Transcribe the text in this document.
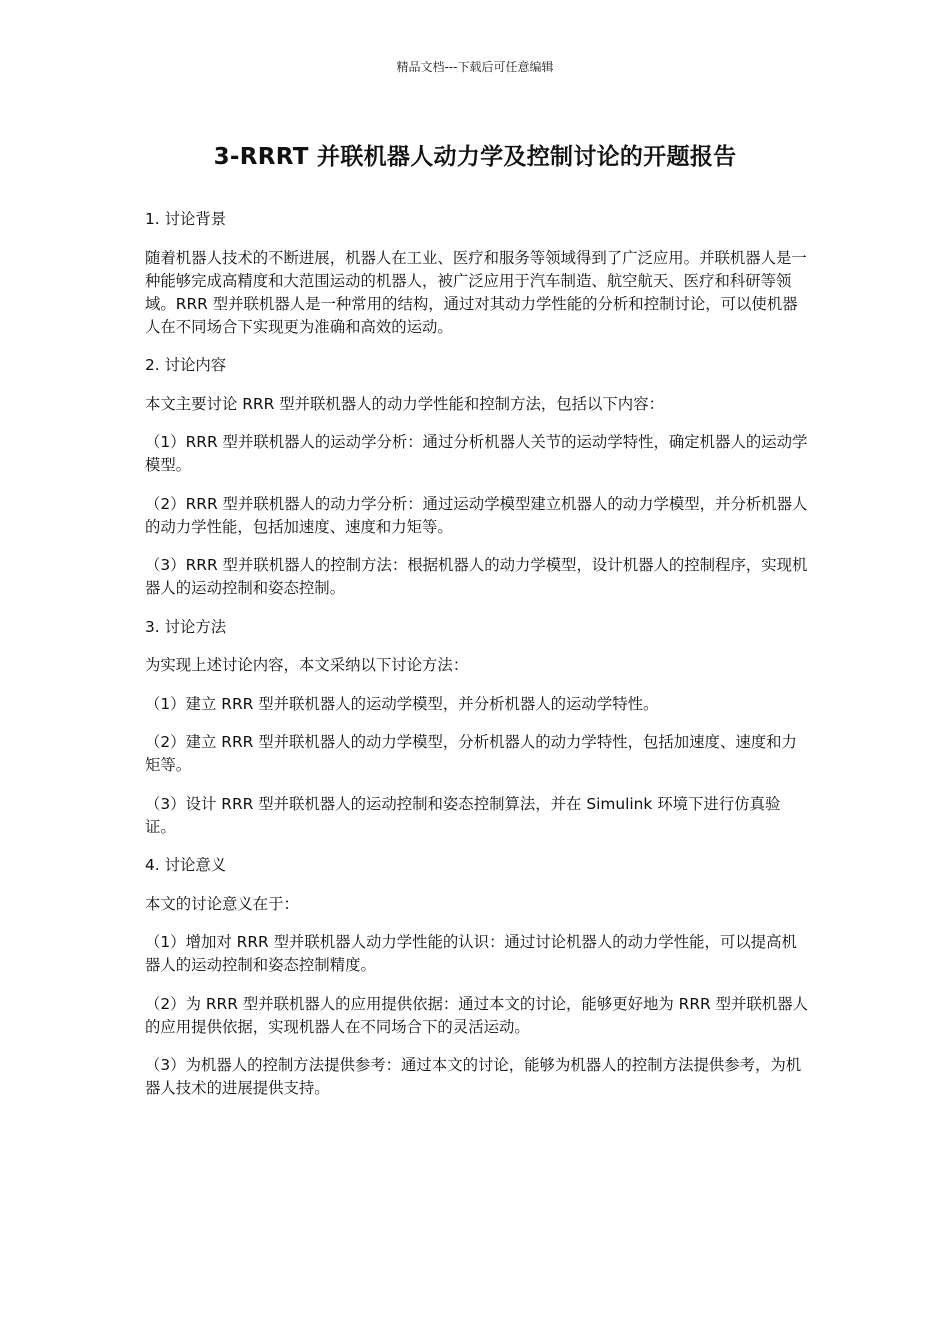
精品文档---下载后可任意编辑
3-RRRT 并联机器人动力学及控制讨论的开题报告
1. 讨论背景

随着机器人技术的不断进展，机器人在工业、医疗和服务等领域得到了广泛应用。并联机器人是一种能够完成高精度和大范围运动的机器人，被广泛应用于汽车制造、航空航天、医疗和科研等领域。RRR 型并联机器人是一种常用的结构，通过对其动力学性能的分析和控制讨论，可以使机器人在不同场合下实现更为准确和高效的运动。

2. 讨论内容

本文主要讨论 RRR 型并联机器人的动力学性能和控制方法，包括以下内容：

（1）RRR 型并联机器人的运动学分析：通过分析机器人关节的运动学特性，确定机器人的运动学模型。

（2）RRR 型并联机器人的动力学分析：通过运动学模型建立机器人的动力学模型，并分析机器人的动力学性能，包括加速度、速度和力矩等。

（3）RRR 型并联机器人的控制方法：根据机器人的动力学模型，设计机器人的控制程序，实现机器人的运动控制和姿态控制。

3. 讨论方法

为实现上述讨论内容，本文采纳以下讨论方法：

（1）建立 RRR 型并联机器人的运动学模型，并分析机器人的运动学特性。

（2）建立 RRR 型并联机器人的动力学模型，分析机器人的动力学特性，包括加速度、速度和力矩等。

（3）设计 RRR 型并联机器人的运动控制和姿态控制算法，并在 Simulink 环境下进行仿真验证。

4. 讨论意义

本文的讨论意义在于：

（1）增加对 RRR 型并联机器人动力学性能的认识：通过讨论机器人的动力学性能，可以提高机器人的运动控制和姿态控制精度。

（2）为 RRR 型并联机器人的应用提供依据：通过本文的讨论，能够更好地为 RRR 型并联机器人的应用提供依据，实现机器人在不同场合下的灵活运动。

（3）为机器人的控制方法提供参考：通过本文的讨论，能够为机器人的控制方法提供参考，为机器人技术的进展提供支持。
